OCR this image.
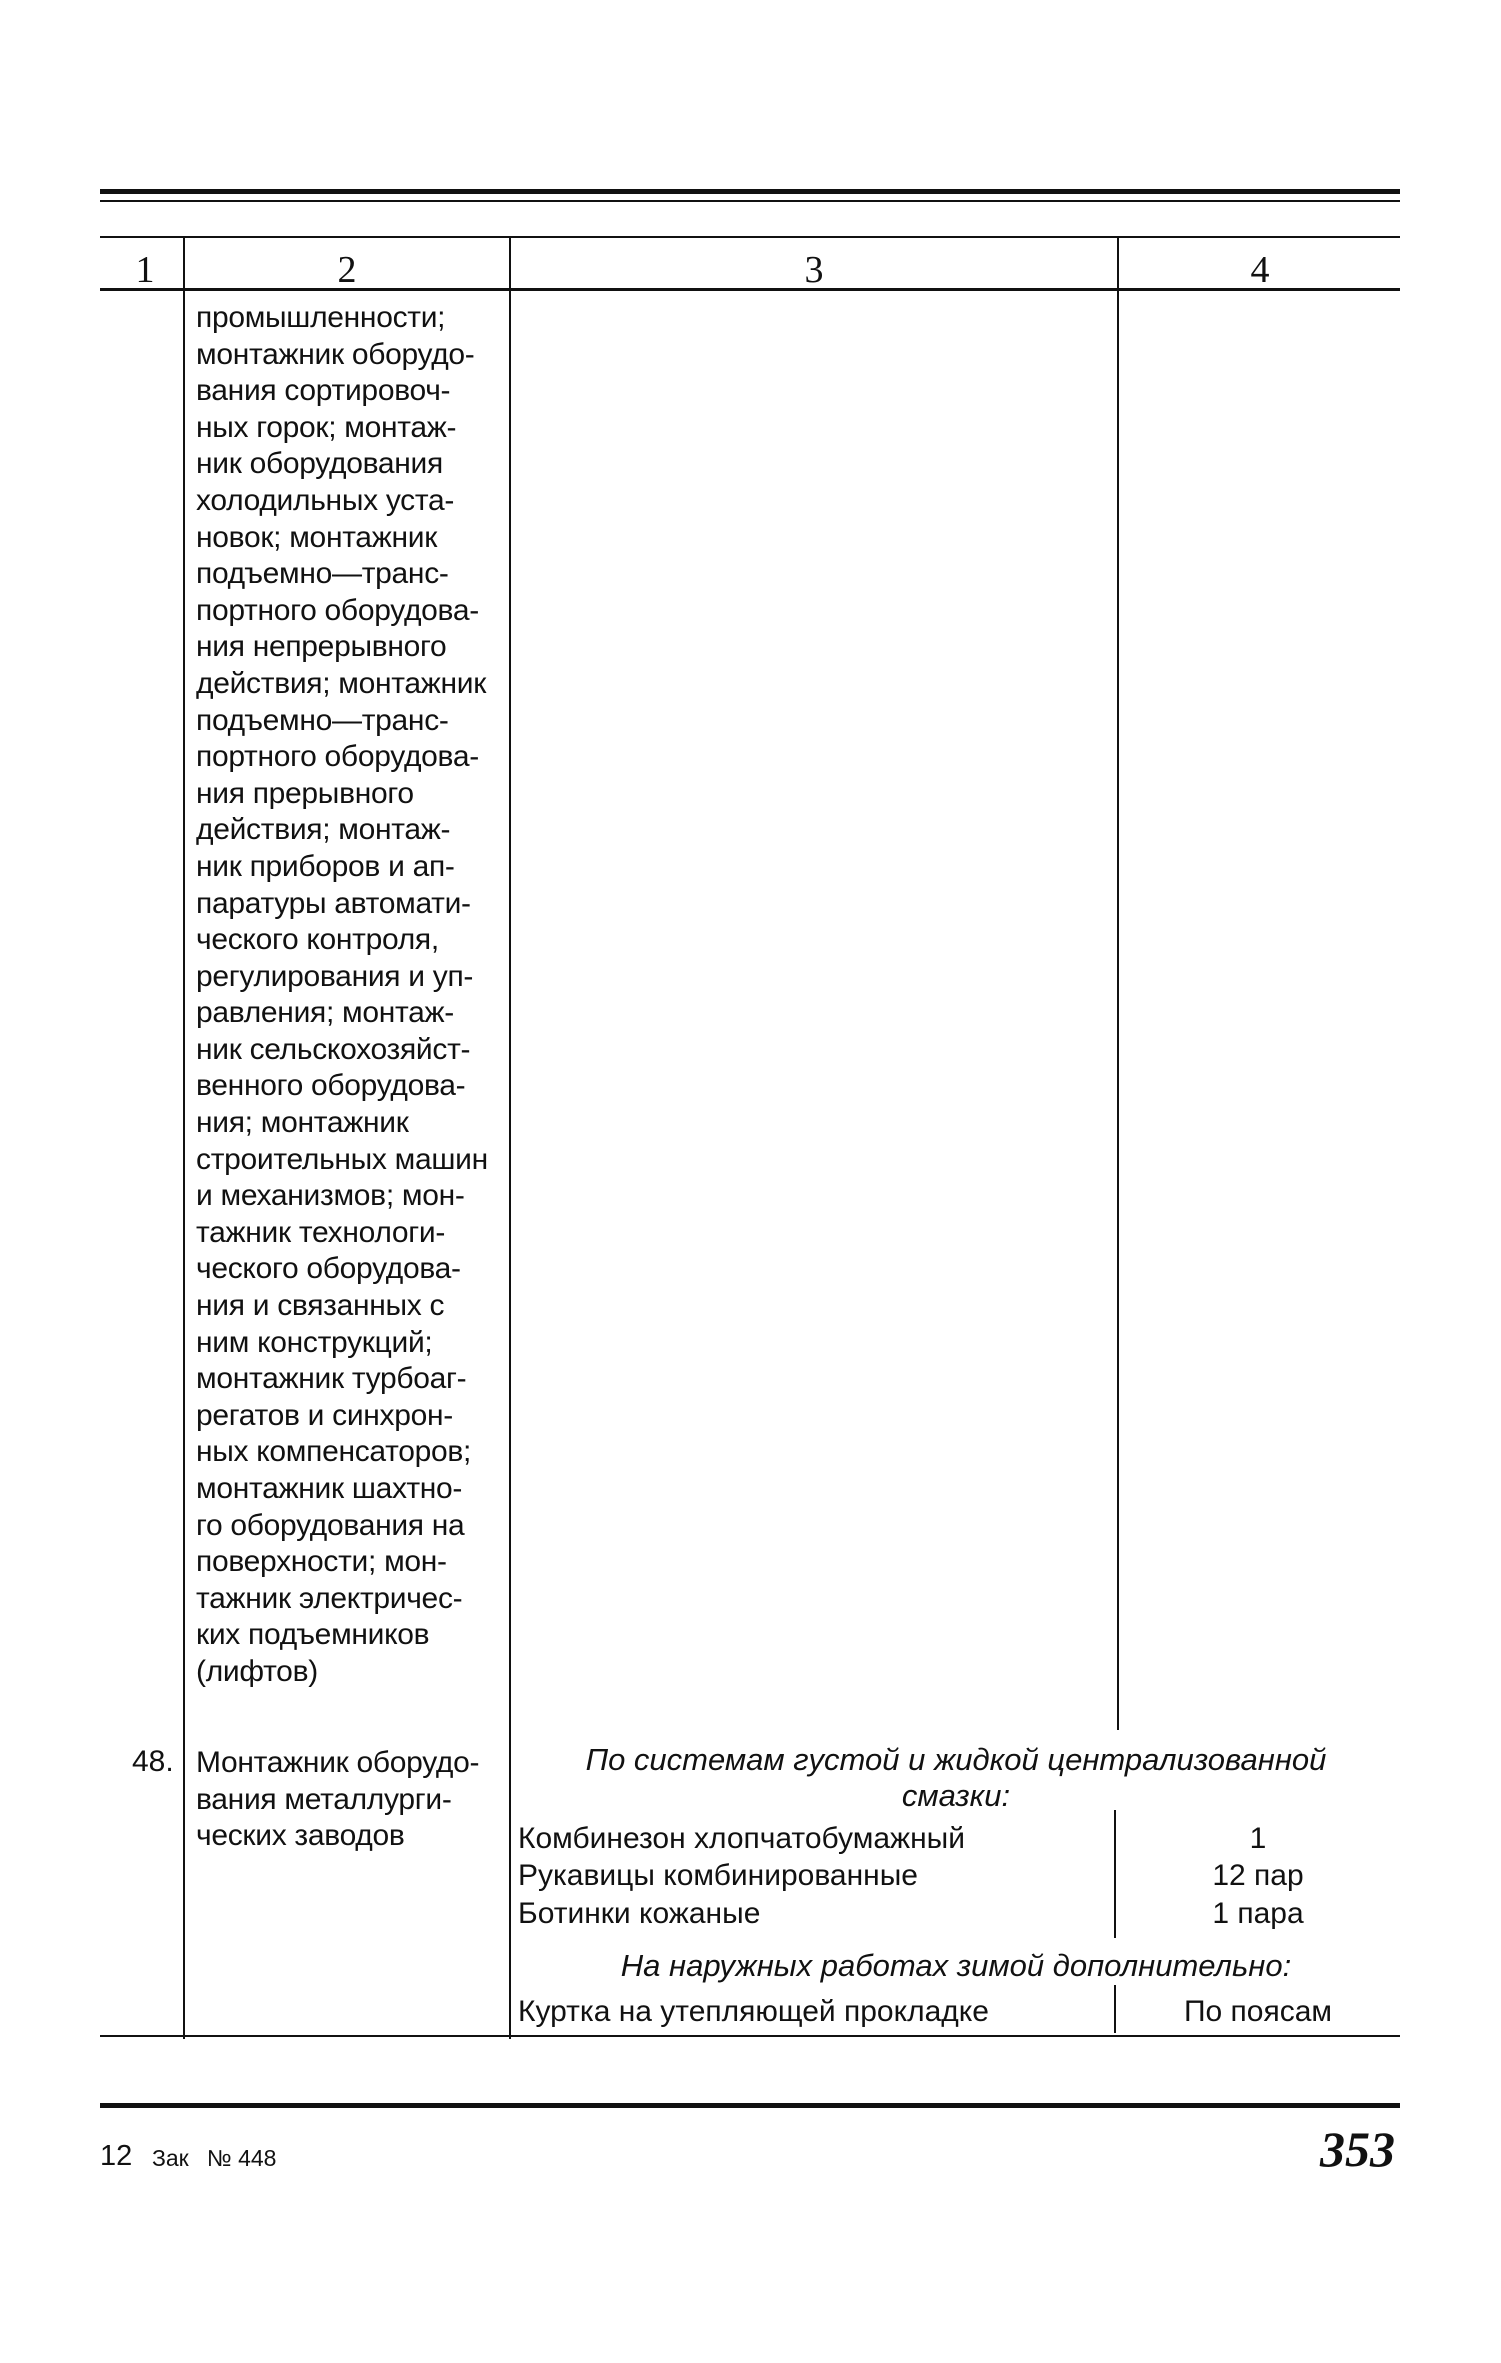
1	2	3	4
промышленности;
монтажник оборудо-
вания сортировоч-
ных горок; монтаж-
ник оборудования
холодильных уста-
новок; монтажник
подъемно—транс-
портного оборудова-
ния непрерывного
действия; монтажник
подъемно—транс-
портного оборудова-
ния прерывного
действия; монтаж-
ник приборов и ап-
паратуры автомати-
ческого контроля,
регулирования и уп-
равления; монтаж-
ник сельскохозяйст-
венного оборудова-
ния; монтажник
строительных машин
и механизмов; мон-
тажник технологи-
ческого оборудова-
ния и связанных с
ним конструкций;
монтажник турбоаг-
регатов и синхрон-
ных компенсаторов;
монтажник шахтно-
го оборудования на
поверхности; мон-
тажник электричес-
ких подъемников
(лифтов)
48. Монтажник оборудо-
вания металлурги-
ческих заводов
По системам густой и жидкой централизованной
смазки:
Комбинезон хлопчатобумажный	1
Рукавицы комбинированные	12 пар
Ботинки кожаные	1 пара
На наружных работах зимой дополнительно:
Куртка на утепляющей прокладке	По поясам
12 Зак № 448	353
